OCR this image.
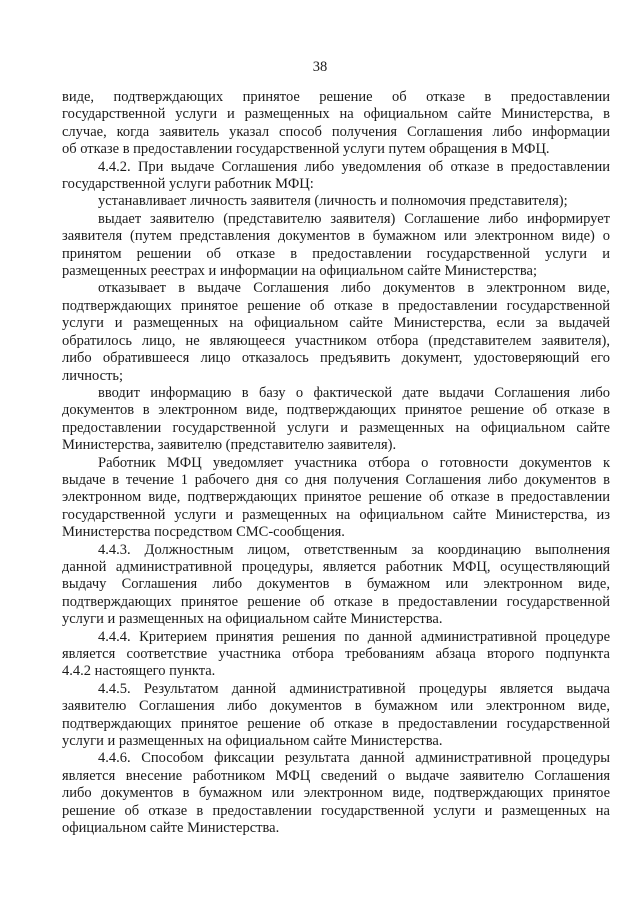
38

виде, подтверждающих принятое решение об отказе в предоставлении
государственной услуги и размещенных на официальном сайте Министерства, в
случае, когда заявитель указал способ получения Соглашения либо информации
об отказе в предоставлении государственной услуги путем обращения в МФЦ.

4.4.2. При выдаче Соглашения либо уведомления об отказе в предоставлении
государственной услуги работник МФЦ:

устанавливает личность заявителя (личность и полномочия представителя);

выдает заявителю (представителю заявителя) Соглашение либо информирует
заявителя (путем представления документов в бумажном или электронном виде) о
принятом решении об отказе в предоставлении государственной услуги и
размещенных реестрах и информации на официальном сайте Министерства;

отказывает в выдаче Соглашения либо документов в электронном виде,
подтверждающих принятое решение об отказе в предоставлении государственной
услуги и размещенных на официальном сайте Министерства, если за выдачей
обратилось лицо, не являющееся участником отбора (представителем заявителя),
либо обратившееся лицо отказалось предъявить документ, удостоверяющий его
личность;

вводит информацию в базу о фактической дате выдачи Соглашения либо
документов в электронном виде, подтверждающих принятое решение об отказе в
предоставлении государственной услуги и размещенных на официальном сайте
Министерства, заявителю (представителю заявителя).

Работник МФЦ уведомляет участника отбора о готовности документов к
выдаче в течение 1 рабочего дня со дня получения Соглашения либо документов в
электронном виде, подтверждающих принятое решение об отказе в предоставлении
государственной услуги и размещенных на официальном сайте Министерства, из
Министерства посредством СМС-сообщения.

4.4.3. Должностным лицом, ответственным за координацию выполнения
данной административной процедуры, является работник МФЦ, осуществляющий
выдачу Соглашения либо документов в бумажном или электронном виде,
подтверждающих принятое решение об отказе в предоставлении государственной
услуги и размещенных на официальном сайте Министерства.

4.4.4. Критерием принятия решения по данной административной процедуре
является соответствие участника отбора требованиям абзаца второго подпункта
4.4.2 настоящего пункта.

4.4.5. Результатом данной административной процедуры является выдача
заявителю Соглашения либо документов в бумажном или электронном виде,
подтверждающих принятое решение об отказе в предоставлении государственной
услуги и размещенных на официальном сайте Министерства.

4.4.6. Способом фиксации результата данной административной процедуры
является внесение работником МФЦ сведений о выдаче заявителю Соглашения
либо документов в бумажном или электронном виде, подтверждающих принятое
решение об отказе в предоставлении государственной услуги и размещенных на
официальном сайте Министерства.
